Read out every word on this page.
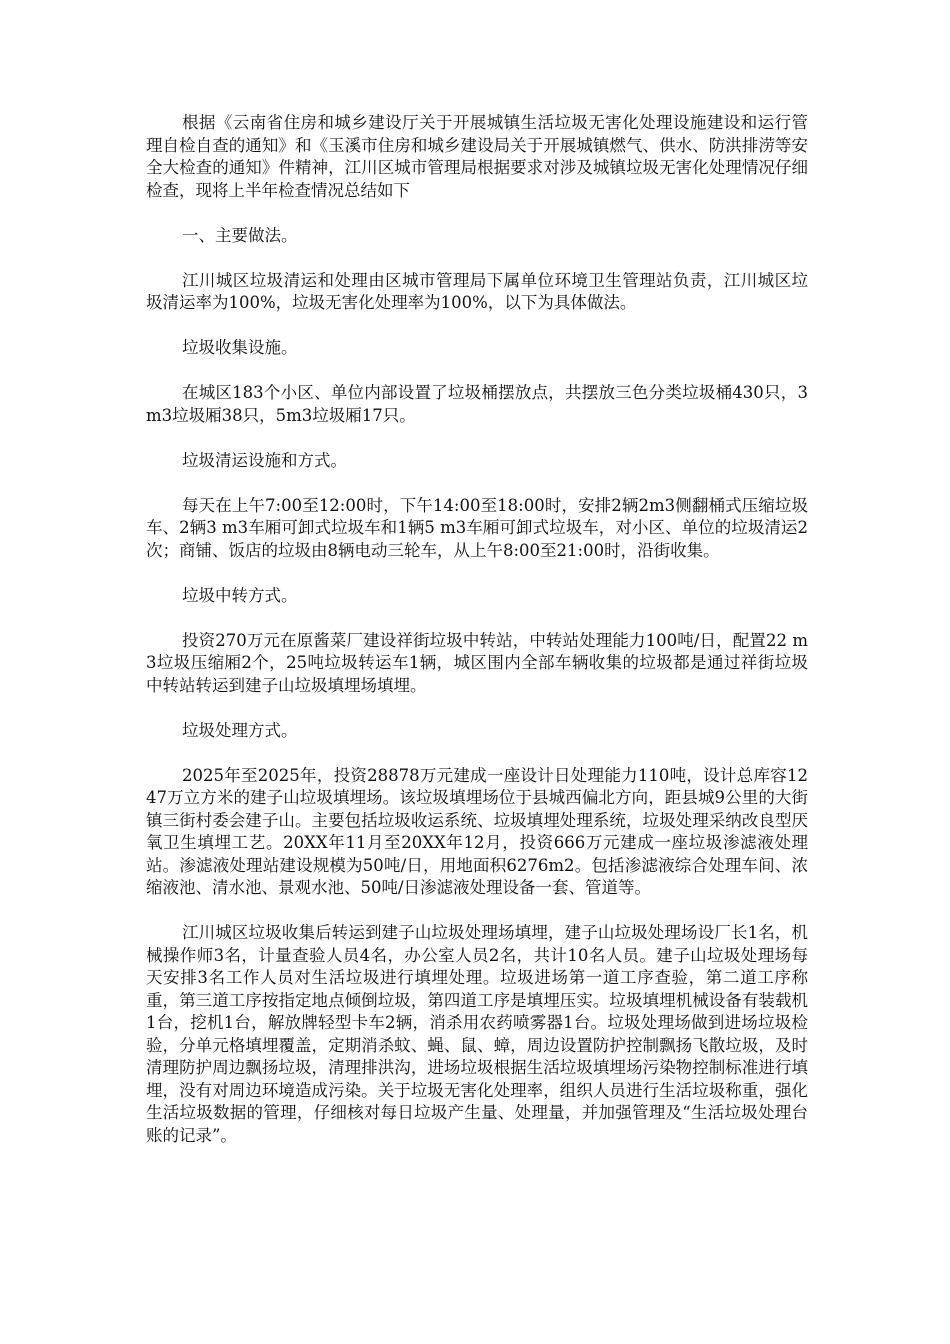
根据《云南省住房和城乡建设厅关于开展城镇生活垃圾无害化处理设施建设和运行管理自检自查的通知》和《玉溪市住房和城乡建设局关于开展城镇燃气、供水、防洪排涝等安全大检查的通知》件精神，江川区城市管理局根据要求对涉及城镇垃圾无害化处理情况仔细检查，现将上半年检查情况总结如下

一、主要做法。

江川城区垃圾清运和处理由区城市管理局下属单位环境卫生管理站负责，江川城区垃圾清运率为100%，垃圾无害化处理率为100%，以下为具体做法。

垃圾收集设施。

在城区183个小区、单位内部设置了垃圾桶摆放点，共摆放三色分类垃圾桶430只，3 m3垃圾厢38只，5m3垃圾厢17只。

垃圾清运设施和方式。

每天在上午7:00至12:00时，下午14:00至18:00时，安排2辆2m3侧翻桶式压缩垃圾车、2辆3 m3车厢可卸式垃圾车和1辆5 m3车厢可卸式垃圾车，对小区、单位的垃圾清运2次；商铺、饭店的垃圾由8辆电动三轮车，从上午8:00至21:00时，沿街收集。

垃圾中转方式。

投资270万元在原酱菜厂建设祥街垃圾中转站，中转站处理能力100吨/日，配置22 m3垃圾压缩厢2个，25吨垃圾转运车1辆，城区围内全部车辆收集的垃圾都是通过祥街垃圾中转站转运到建子山垃圾填埋场填埋。

垃圾处理方式。

2025年至2025年，投资28878万元建成一座设计日处理能力110吨，设计总库容1247万立方米的建子山垃圾填埋场。该垃圾填埋场位于县城西偏北方向，距县城9公里的大街镇三街村委会建子山。主要包括垃圾收运系统、垃圾填埋处理系统，垃圾处理采纳改良型厌氧卫生填埋工艺。20XX年11月至20XX年12月，投资666万元建成一座垃圾渗滤液处理站。渗滤液处理站建设规模为50吨/日，用地面积6276m2。包括渗滤液综合处理车间、浓缩液池、清水池、景观水池、50吨/日渗滤液处理设备一套、管道等。

江川城区垃圾收集后转运到建子山垃圾处理场填埋，建子山垃圾处理场设厂长1名，机械操作师3名，计量查验人员4名，办公室人员2名，共计10名人员。建子山垃圾处理场每天安排3名工作人员对生活垃圾进行填埋处理。垃圾进场第一道工序查验，第二道工序称重，第三道工序按指定地点倾倒垃圾，第四道工序是填埋压实。垃圾填埋机械设备有装载机1台，挖机1台，解放牌轻型卡车2辆，消杀用农药喷雾器1台。垃圾处理场做到进场垃圾检验，分单元格填埋覆盖，定期消杀蚊、蝇、鼠、蟑，周边设置防护控制飘扬飞散垃圾，及时清理防护周边飘扬垃圾，清理排洪沟，进场垃圾根据生活垃圾填埋场污染物控制标准进行填埋，没有对周边环境造成污染。关于垃圾无害化处理率，组织人员进行生活垃圾称重，强化生活垃圾数据的管理，仔细核对每日垃圾产生量、处理量，并加强管理及“生活垃圾处理台账的记录”。
